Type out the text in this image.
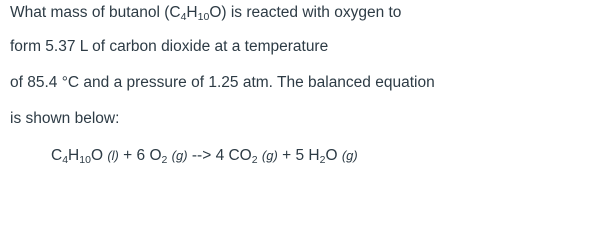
What mass of butanol $(C_4H_{10}O)$ is reacted with oxygen to
form 5.37 L of carbon dioxide at a temperature
of 85.4 °C and a pressure of 1.25 atm. The balanced equation
is shown below:
$C_4H_{10}O$ (l) + 6 $O_2$ (g) --> 4 $CO_2$ (g) + 5 $H_2O$ (g)
